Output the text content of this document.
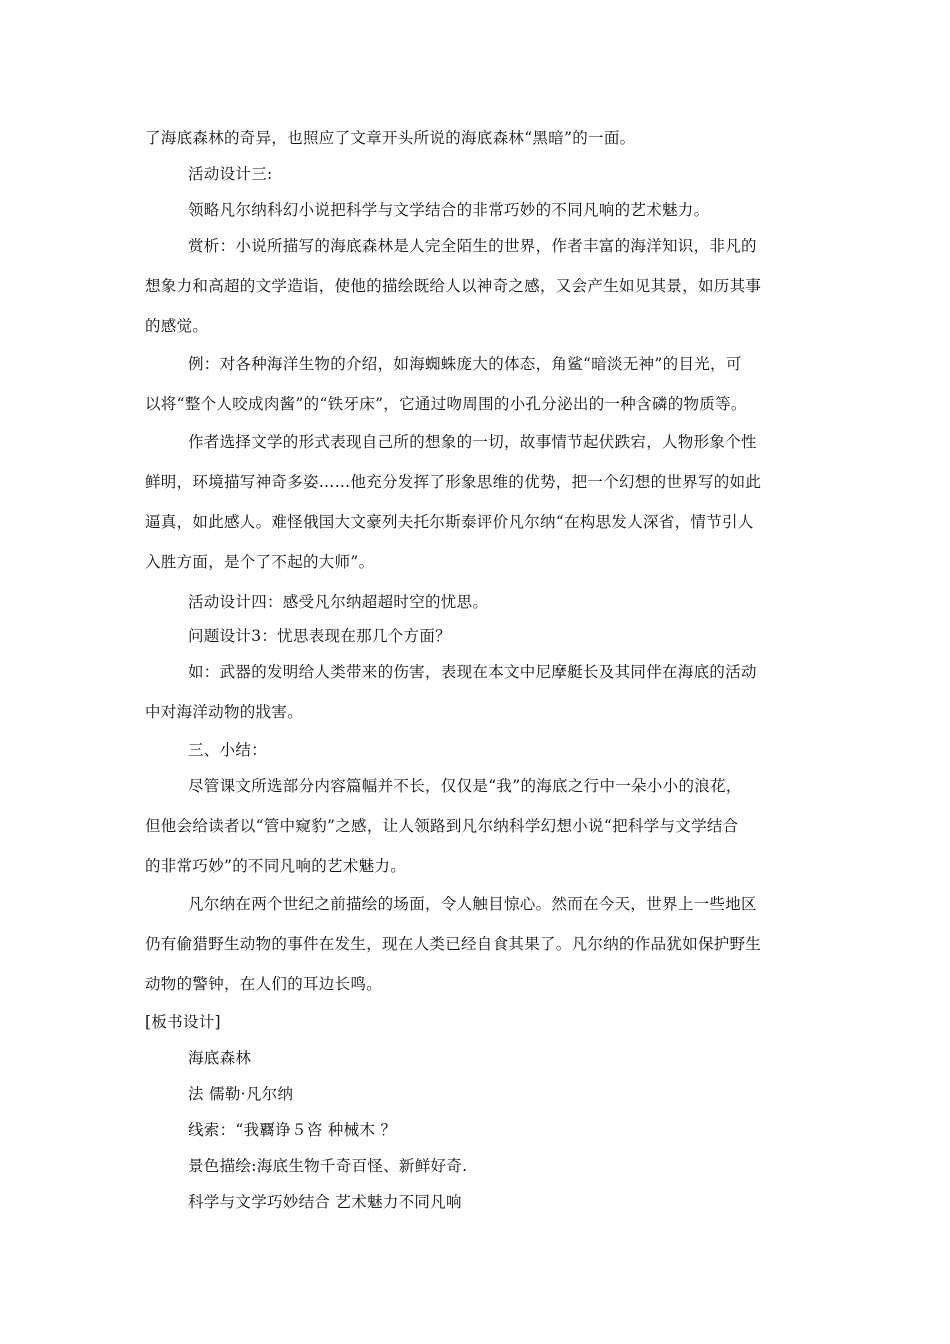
了海底森林的奇异，也照应了文章开头所说的海底森林“黑暗”的一面。
活动设计三:
领略凡尔纳科幻小说把科学与文学结合的非常巧妙的不同凡响的艺术魅力。
赏析：小说所描写的海底森林是人完全陌生的世界，作者丰富的海洋知识，非凡的
想象力和高超的文学造诣，使他的描绘既给人以神奇之感，又会产生如见其景，如历其事
的感觉。
例：对各种海洋生物的介绍，如海蜘蛛庞大的体态，角鲨“暗淡无神”的目光，可
以将“整个人咬成肉酱”的“铁牙床”，它通过吻周围的小孔分泌出的一种含磷的物质等。
作者选择文学的形式表现自己所的想象的一切，故事情节起伏跌宕，人物形象个性
鲜明，环境描写神奇多姿……他充分发挥了形象思维的优势，把一个幻想的世界写的如此
逼真，如此感人。难怪俄国大文豪列夫托尔斯泰评价凡尔纳“在构思发人深省，情节引人
入胜方面，是个了不起的大师”。
活动设计四：感受凡尔纳超超时空的忧思。
问题设计3：忧思表现在那几个方面？
如：武器的发明给人类带来的伤害，表现在本文中尼摩艇长及其同伴在海底的活动
中对海洋动物的戕害。
三、小结：
尽管课文所选部分内容篇幅并不长，仅仅是“我”的海底之行中一朵小小的浪花，
但他会给读者以“管中窥豹”之感，让人领路到凡尔纳科学幻想小说“把科学与文学结合
的非常巧妙”的不同凡响的艺术魅力。
凡尔纳在两个世纪之前描绘的场面，令人触目惊心。然而在今天，世界上一些地区
仍有偷猎野生动物的事件在发生，现在人类已经自食其果了。凡尔纳的作品犹如保护野生
动物的警钟，在人们的耳边长鸣。
[板书设计]
海底森林
法 儒勒·凡尔纳
线索：“我覉诤５咨 种械木 ？
景色描绘:海底生物千奇百怪、新鲜好奇.
科学与文学巧妙结合 艺术魅力不同凡响
